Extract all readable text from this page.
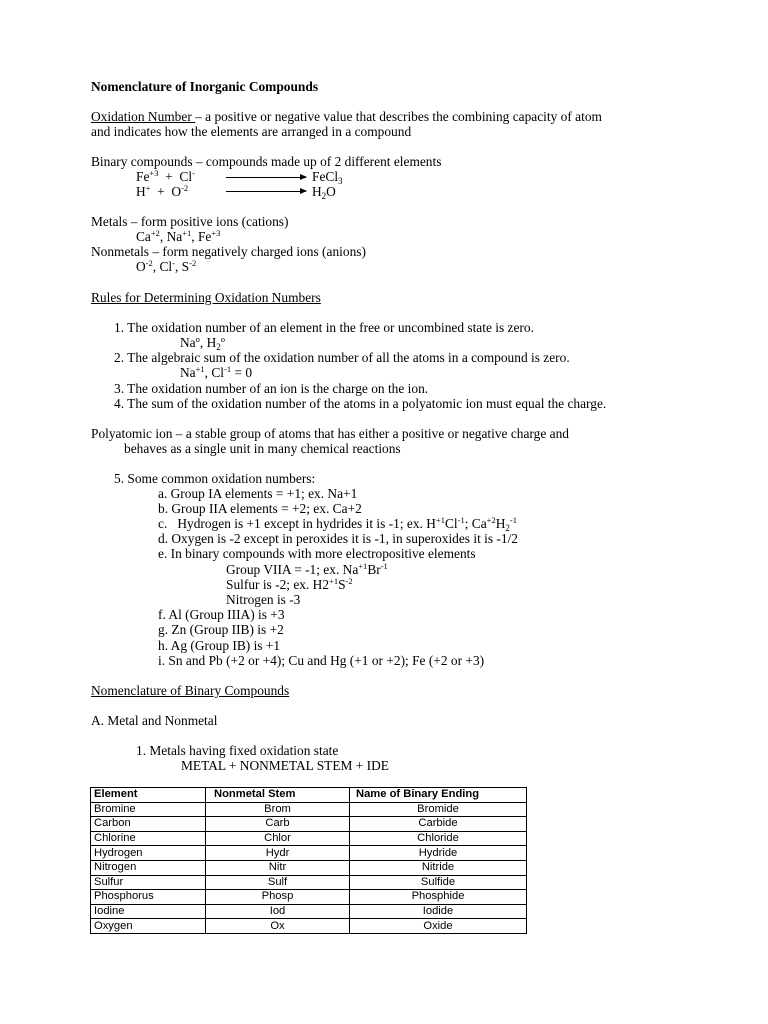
Nomenclature of Inorganic Compounds
Oxidation Number – a positive or negative value that describes the combining capacity of atom
and indicates how the elements are arranged in a compound
Binary compounds – compounds made up of 2 different elements
$Fe^{+3} + Cl^-$	FeCl$_3$
$H^+ + O^{-2}$	$H_2O$
Metals – form positive ions (cations)
$Ca^{+2}$, $Na^{+1}$, $Fe^{+3}$
Nonmetals – form negatively charged ions (anions)
$O^{-2}$, Cl-, $S^{-2}$
Rules for Determining Oxidation Numbers
1. The oxidation number of an element in the free or uncombined state is zero.
Na$^o$, $H_2^o$
2. The algebraic sum of the oxidation number of all the atoms in a compound is zero.
$Na^{+1}$, $Cl^{-1} = 0$
3. The oxidation number of an ion is the charge on the ion.
4. The sum of the oxidation number of the atoms in a polyatomic ion must equal the charge.
Polyatomic ion – a stable group of atoms that has either a positive or negative charge and
behaves as a single unit in many chemical reactions
5. Some common oxidation numbers:
a. Group IA elements = +1; ex. Na+1
b. Group IIA elements = +2; ex. Ca+2
c.   Hydrogen is +1 except in hydrides it is -1; ex. $H^{+1}Cl^{-1}$; $Ca^{+2}H_2^{-1}$
d. Oxygen is -2 except in peroxides it is -1, in superoxides it is -1/2
e. In binary compounds with more electropositive elements
Group VIIA = -1; ex. $Na^{+1}Br^{-1}$
Sulfur is -2; ex. $H2^{+1}S^{-2}$
Nitrogen is -3
f. Al (Group IIIA) is +3
g. Zn (Group IIB) is +2
h. Ag (Group IB) is +1
i. Sn and Pb (+2 or +4); Cu and Hg (+1 or +2); Fe (+2 or +3)
Nomenclature of Binary Compounds
A. Metal and Nonmetal
1. Metals having fixed oxidation state
METAL + NONMETAL STEM + IDE
Element	Nonmetal Stem	Name of Binary Ending
Bromine	Brom	Bromide
Carbon	Carb	Carbide
Chlorine	Chlor	Chloride
Hydrogen	Hydr	Hydride
Nitrogen	Nitr	Nitride
Sulfur	Sulf	Sulfide
Phosphorus	Phosp	Phosphide
Iodine	Iod	Iodide
Oxygen	Ox	Oxide
